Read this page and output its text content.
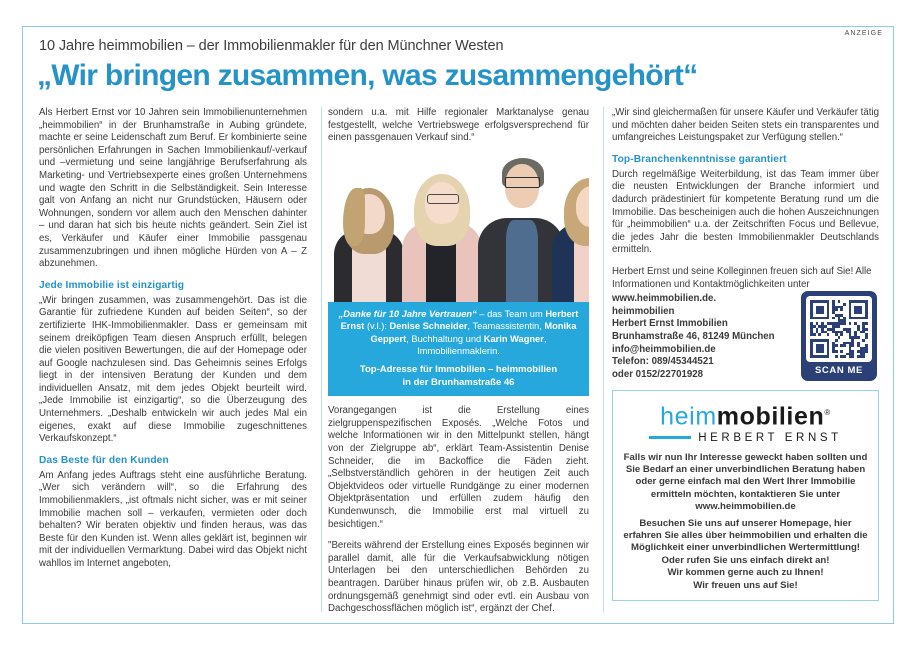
ANZEIGE
10 Jahre heimmobilien – der Immobilienmakler für den Münchner Westen
„Wir bringen zusammen, was zusammengehört“

Als Herbert Ernst vor 10 Jahren sein Immobilienunternehmen „heimmobilien“ in der Brunhamstraße in Aubing gründete, machte er seine Leidenschaft zum Beruf. Er kombinierte seine persönlichen Erfahrungen in Sachen Immobilienkauf/-verkauf und –vermietung und seine langjährige Berufserfahrung als Marketing- und Vertriebsexperte eines großen Unternehmens und wagte den Schritt in die Selbständigkeit. Sein Interesse galt von Anfang an nicht nur Grundstücken, Häusern oder Wohnungen, sondern vor allem auch den Menschen dahinter – und daran hat sich bis heute nichts geändert. Sein Ziel ist es, Verkäufer und Käufer einer Immobilie passgenau zusammenzubringen und ihnen mögliche Hürden von A – Z abzunehmen.

Jede Immobilie ist einzigartig

„Wir bringen zusammen, was zusammengehört. Das ist die Garantie für zufriedene Kunden auf beiden Seiten“, so der zertifizierte IHK-Immobilienmakler. Dass er gemeinsam mit seinem dreiköpfigen Team diesen Anspruch erfüllt, belegen die vielen positiven Bewertungen, die auf der Homepage oder auf Google nachzulesen sind. Das Geheimnis seines Erfolgs liegt in der intensiven Beratung der Kunden und dem individuellen Ansatz, mit dem jedes Objekt beurteilt wird. „Jede Immobilie ist einzigartig“, so die Überzeugung des Unternehmers. „Deshalb entwickeln wir auch jedes Mal ein eigenes, exakt auf diese Immobilie zugeschnittenes Verkaufskonzept.“

Das Beste für den Kunden

Am Anfang jedes Auftrags steht eine ausführliche Beratung. „Wer sich verändern will“, so die Erfahrung des Immobilienmaklers, „ist oftmals nicht sicher, was er mit seiner Immobilie machen soll – verkaufen, vermieten oder doch behalten? Wir beraten objektiv und finden heraus, was das Beste für den Kunden ist. Wenn alles geklärt ist, beginnen wir mit der individuellen Vermarktung. Dabei wird das Objekt nicht wahllos im Internet angeboten,

sondern u.a. mit Hilfe regionaler Marktanalyse genau festgestellt, welche Vertriebswege erfolgsversprechend für einen passgenauen Verkauf sind.“

„Danke für 10 Jahre Vertrauen“ – das Team um Herbert Ernst (v.l.): Denise Schneider, Teamassistentin, Monika Geppert, Buchhaltung und Karin Wagner, Immobilienmaklerin.
Top-Adresse für Immobilien – heimmobilien
in der Brunhamstraße 46

Vorangegangen ist die Erstellung eines zielgruppenspezifischen Exposés. „Welche Fotos und welche Informationen wir in den Mittelpunkt stellen, hängt von der Zielgruppe ab“, erklärt Team-Assistentin Denise Schneider, die im Backoffice die Fäden zieht. „Selbstverständlich gehören in der heutigen Zeit auch Objektvideos oder virtuelle Rundgänge zu einer modernen Objektpräsentation und erfüllen zudem häufig den Kundenwunsch, die Immobilie erst mal virtuell zu besichtigen.“

"Bereits während der Erstellung eines Exposés beginnen wir parallel damit, alle für die Verkaufsabwicklung nötigen Unterlagen bei den unterschiedlichen Behörden zu beantragen. Darüber hinaus prüfen wir, ob z.B. Ausbauten ordnungsgemäß genehmigt sind oder evtl. ein Ausbau von Dachgeschossflächen möglich ist“, ergänzt der Chef.

„Wir sind gleichermaßen für unsere Käufer und Verkäufer tätig und möchten daher beiden Seiten stets ein transparentes und umfangreiches Leistungspaket zur Verfügung stellen.“

Top-Branchenkenntnisse garantiert

Durch regelmäßige Weiterbildung, ist das Team immer über die neusten Entwicklungen der Branche informiert und dadurch prädestiniert für kompetente Beratung rund um die Immobilie. Das bescheinigen auch die hohen Auszeichnungen für „heimmobilien“ u.a. der Zeitschriften Focus und Bellevue, die jedes Jahr die besten Immobilienmakler Deutschlands ermitteln.

Herbert Ernst und seine Kolleginnen freuen sich auf Sie! Alle Informationen und Kontaktmöglichkeiten unter

www.heimmobilien.de.
heimmobilien
Herbert Ernst Immobilien
Brunhamstraße 46, 81249 München
info@heimmobilien.de
Telefon: 089/45344521
oder 0152/22701928	SCAN ME
heimmobilien®
HERBERT ERNST
Falls wir nun Ihr Interesse geweckt haben sollten und
Sie Bedarf an einer unverbindlichen Beratung haben
oder gerne einfach mal den Wert Ihrer Immobilie
ermitteln möchten, kontaktieren Sie unter
www.heimmobilien.de
Besuchen Sie uns auf unserer Homepage, hier
erfahren Sie alles über heimmobilien und erhalten die
Möglichkeit einer unverbindlichen Wertermittlung!
Oder rufen Sie uns einfach direkt an!
Wir kommen gerne auch zu Ihnen!
Wir freuen uns auf Sie!
